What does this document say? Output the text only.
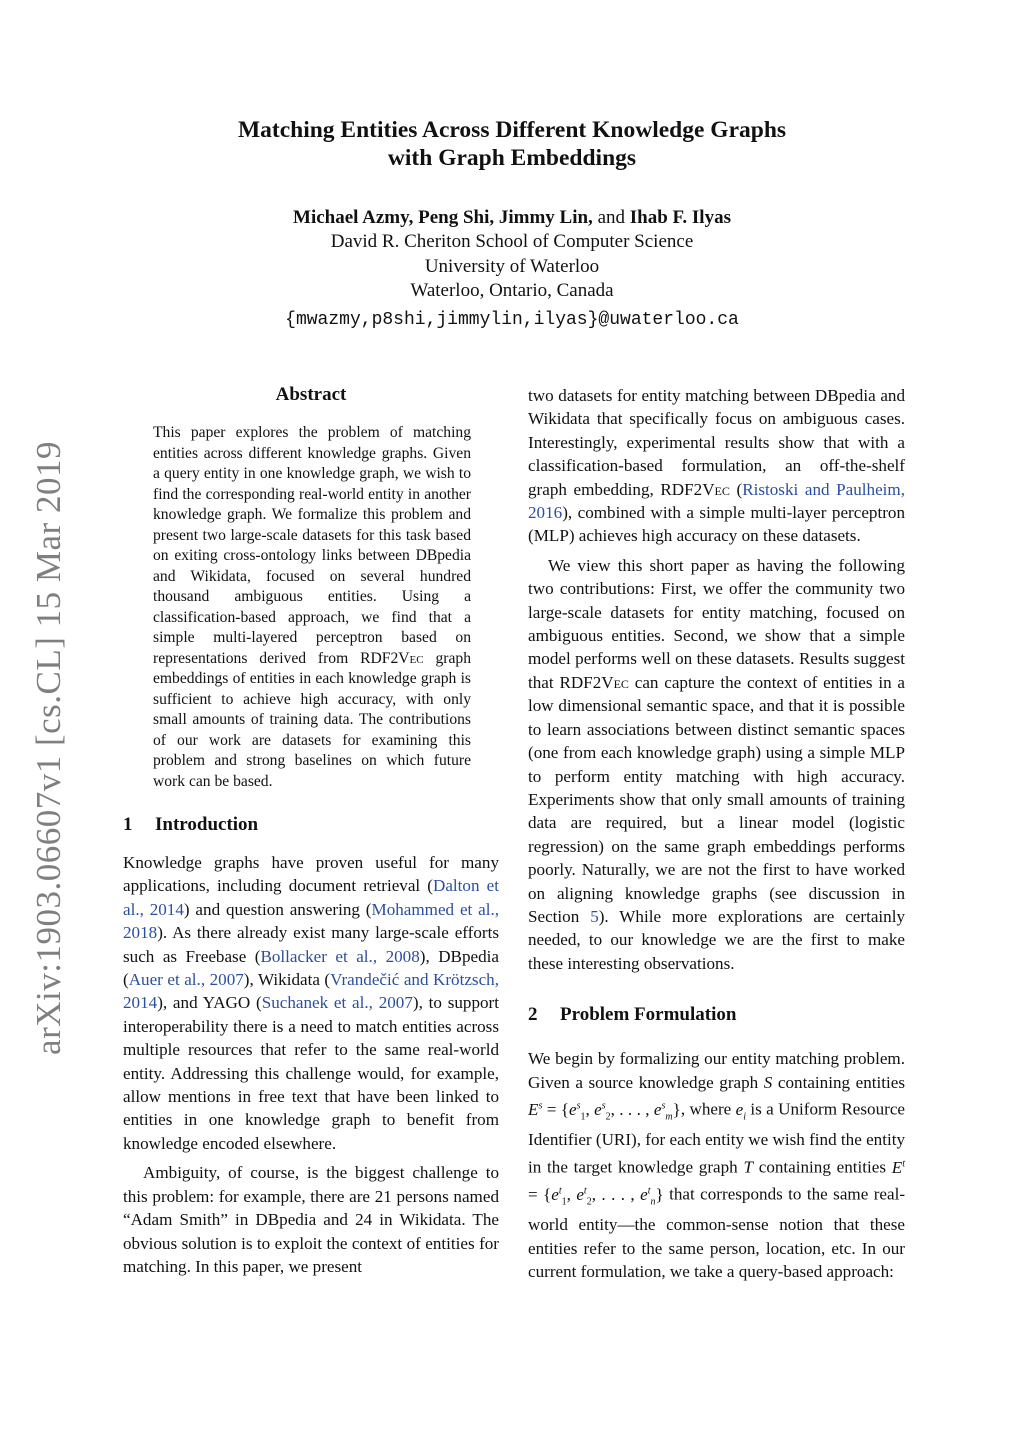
arXiv:1903.06607v1 [cs.CL] 15 Mar 2019
Matching Entities Across Different Knowledge Graphs
with Graph Embeddings
Michael Azmy, Peng Shi, Jimmy Lin, and Ihab F. Ilyas
David R. Cheriton School of Computer Science
University of Waterloo
Waterloo, Ontario, Canada
{mwazmy,p8shi,jimmylin,ilyas}@uwaterloo.ca
Abstract

This paper explores the problem of matching entities across different knowledge graphs. Given a query entity in one knowledge graph, we wish to find the corresponding real-world entity in another knowledge graph. We formalize this problem and present two large-scale datasets for this task based on exiting cross-ontology links between DBpedia and Wikidata, focused on several hundred thousand ambiguous entities. Using a classification-based approach, we find that a simple multi-layered perceptron based on representations derived from RDF2Vec graph embeddings of entities in each knowledge graph is sufficient to achieve high accuracy, with only small amounts of training data. The contributions of our work are datasets for examining this problem and strong baselines on which future work can be based.

1 Introduction

Knowledge graphs have proven useful for many applications, including document retrieval (Dalton et al., 2014) and question answering (Mohammed et al., 2018). As there already exist many large-scale efforts such as Freebase (Bollacker et al., 2008), DBpedia (Auer et al., 2007), Wikidata (Vrandečić and Krötzsch, 2014), and YAGO (Suchanek et al., 2007), to support interoperability there is a need to match entities across multiple resources that refer to the same real-world entity. Addressing this challenge would, for example, allow mentions in free text that have been linked to entities in one knowledge graph to benefit from knowledge encoded elsewhere.

Ambiguity, of course, is the biggest challenge to this problem: for example, there are 21 persons named “Adam Smith” in DBpedia and 24 in Wikidata. The obvious solution is to exploit the context of entities for matching. In this paper, we present

two datasets for entity matching between DBpedia and Wikidata that specifically focus on ambiguous cases. Interestingly, experimental results show that with a classification-based formulation, an off-the-shelf graph embedding, RDF2Vec (Ristoski and Paulheim, 2016), combined with a simple multi-layer perceptron (MLP) achieves high accuracy on these datasets.

We view this short paper as having the following two contributions: First, we offer the community two large-scale datasets for entity matching, focused on ambiguous entities. Second, we show that a simple model performs well on these datasets. Results suggest that RDF2Vec can capture the context of entities in a low dimensional semantic space, and that it is possible to learn associations between distinct semantic spaces (one from each knowledge graph) using a simple MLP to perform entity matching with high accuracy. Experiments show that only small amounts of training data are required, but a linear model (logistic regression) on the same graph embeddings performs poorly. Naturally, we are not the first to have worked on aligning knowledge graphs (see discussion in Section 5). While more explorations are certainly needed, to our knowledge we are the first to make these interesting observations.

2 Problem Formulation

We begin by formalizing our entity matching problem. Given a source knowledge graph S containing entities $E^s = \{e^s_1$, $e^s_2$, . . . , $e^s_m$}, where $e_i$ is a Uniform Resource Identifier (URI), for each entity we wish find the entity in the target knowledge graph T containing entities $E^t = \{e^t_1$, $e^t_2$, . . . , $e^t_n$} that corresponds to the same real-world entity—the common-sense notion that these entities refer to the same person, location, etc. In our current formulation, we take a query-based approach:
